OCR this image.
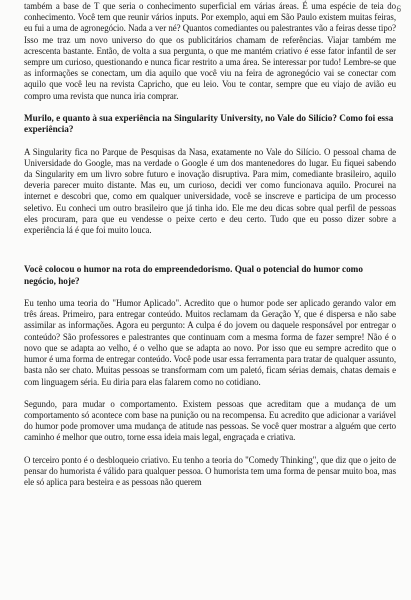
6

também a base de T que seria o conhecimento superficial em várias áreas. É uma espécie de teia do conhecimento. Você tem que reunir vários inputs. Por exemplo, aqui em São Paulo existem muitas feiras, eu fui a uma de agronegócio. Nada a ver né? Quantos comediantes ou palestrantes vão a feiras desse tipo? Isso me traz um novo universo do que os publicitários chamam de referências. Viajar também me acrescenta bastante. Então, de volta a sua pergunta, o que me mantém criativo é esse fator infantil de ser sempre um curioso, questionando e nunca ficar restrito a uma área. Se interessar por tudo! Lembre-se que as informações se conectam, um dia aquilo que você viu na feira de agronegócio vai se conectar com aquilo que você leu na revista Capricho, que eu leio. Vou te contar, sempre que eu viajo de avião eu compro uma revista que nunca iria comprar.

Murilo, e quanto à sua experiência na Singularity University, no Vale do Silício? Como foi essa experiência?

A Singularity fica no Parque de Pesquisas da Nasa, exatamente no Vale do Silício. O pessoal chama de Universidade do Google, mas na verdade o Google é um dos mantenedores do lugar. Eu fiquei sabendo da Singularity em um livro sobre futuro e inovação disruptiva. Para mim, comediante brasileiro, aquilo deveria parecer muito distante. Mas eu, um curioso, decidi ver como funcionava aquilo. Procurei na internet e descobri que, como em qualquer universidade, você se inscreve e participa de um processo seletivo. Eu conheci um outro brasileiro que já tinha ido. Ele me deu dicas sobre qual perfil de pessoas eles procuram, para que eu vendesse o peixe certo e deu certo. Tudo que eu posso dizer sobre a experiência lá é que foi muito louca.

Você colocou o humor na rota do empreendedorismo. Qual o potencial do humor como negócio, hoje?

Eu tenho uma teoria do "Humor Aplicado". Acredito que o humor pode ser aplicado gerando valor em três áreas. Primeiro, para entregar conteúdo. Muitos reclamam da Geração Y, que é dispersa e não sabe assimilar as informações. Agora eu pergunto: A culpa é do jovem ou daquele responsável por entregar o conteúdo? São professores e palestrantes que continuam com a mesma forma de fazer sempre! Não é o novo que se adapta ao velho, é o velho que se adapta ao novo. Por isso que eu sempre acredito que o humor é uma forma de entregar conteúdo. Você pode usar essa ferramenta para tratar de qualquer assunto, basta não ser chato. Muitas pessoas se transformam com um paletó, ficam sérias demais, chatas demais e com linguagem séria. Eu diria para elas falarem como no cotidiano.

Segundo, para mudar o comportamento. Existem pessoas que acreditam que a mudança de um comportamento só acontece com base na punição ou na recompensa. Eu acredito que adicionar a variável do humor pode promover uma mudança de atitude nas pessoas. Se você quer mostrar a alguém que certo caminho é melhor que outro, torne essa ideia mais legal, engraçada e criativa.

O terceiro ponto é o desbloqueio criativo. Eu tenho a teoria do "Comedy Thinking", que diz que o jeito de pensar do humorista é válido para qualquer pessoa. O humorista tem uma forma de pensar muito boa, mas ele só aplica para besteira e as pessoas não querem
